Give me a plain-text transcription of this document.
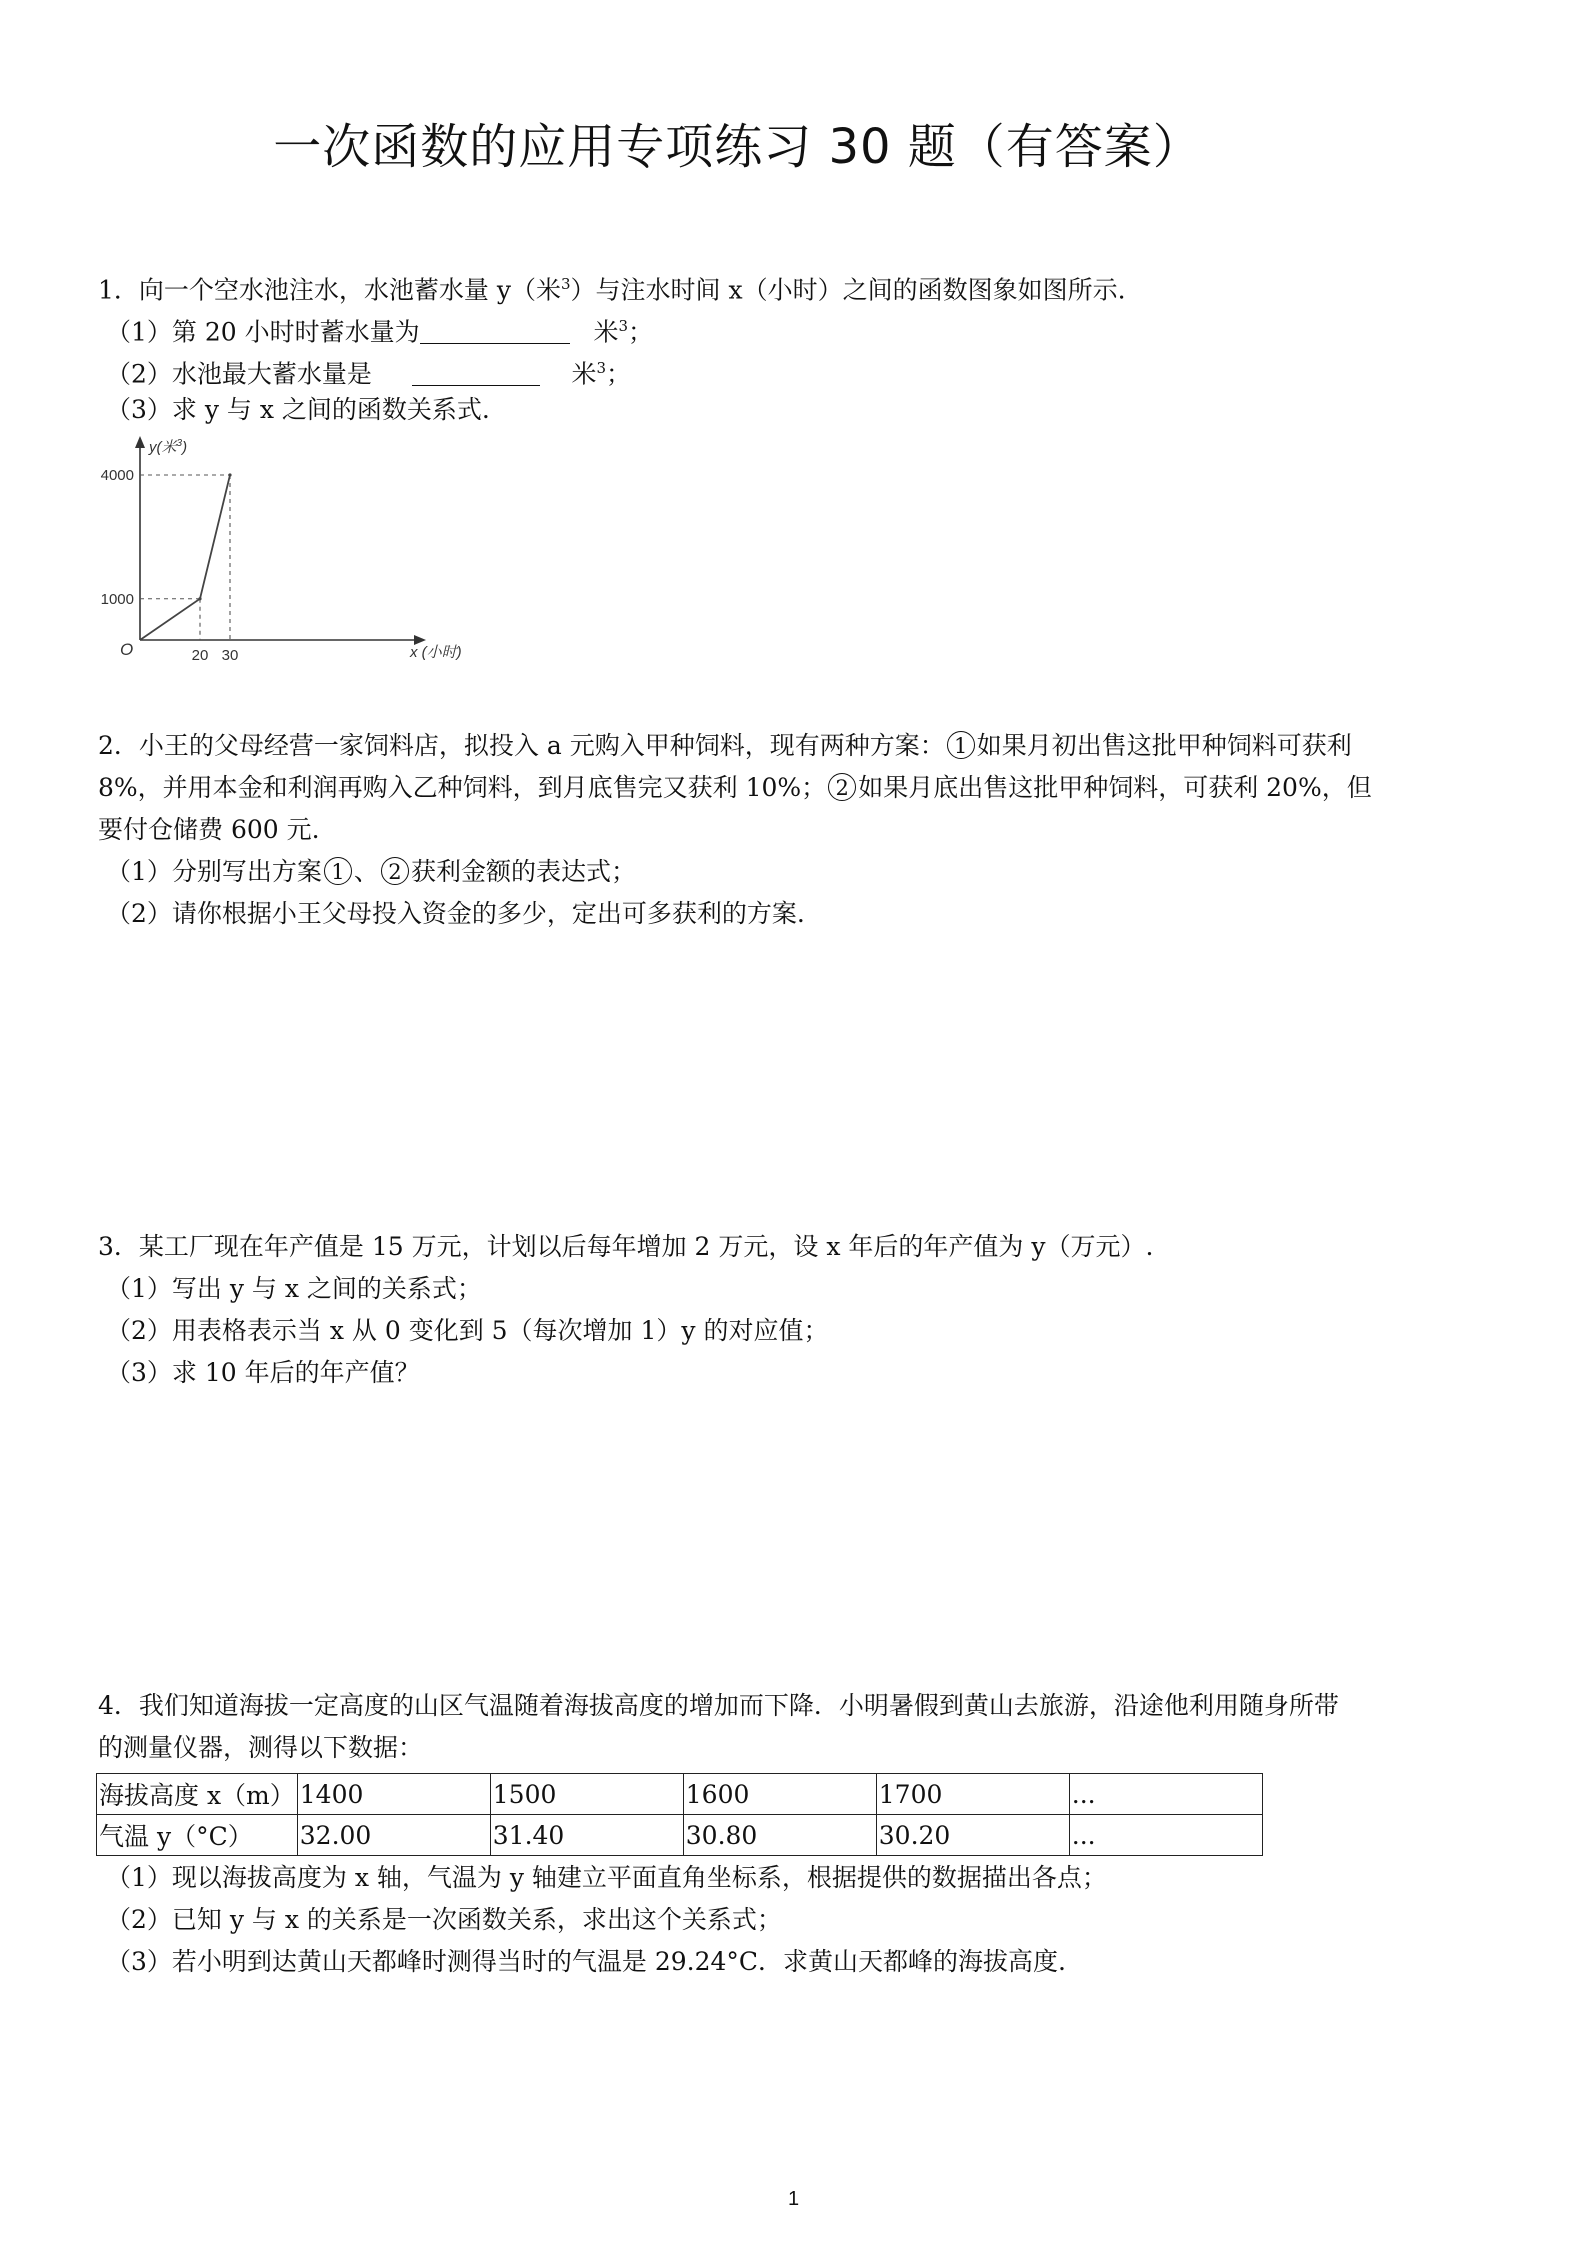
一次函数的应用专项练习 30 题（有答案）
1．向一个空水池注水，水池蓄水量 y（米$^3$）与注水时间 x（小时）之间的函数图象如图所示.
（1）第 20 小时时蓄水量为	米$^3$；
（2）水池最大蓄水量是	米$^3$；
（3）求 y 与 x 之间的函数关系式.
O	20 30
1000
4000
x (小时)
y(米$^3$)
2．小王的父母经营一家饲料店，拟投入 a 元购入甲种饲料，现有两种方案： 1 如果月初出售这批甲种饲料可获利
8%，并用本金和利润再购入乙种饲料，到月底售完又获利 10%； 2 如果月底出售这批甲种饲料，可获利 20%，但
要付仓储费 600 元.
（1）分别写出方案 1 、 2 获利金额的表达式；
（2）请你根据小王父母投入资金的多少，定出可多获利的方案.
3．某工厂现在年产值是 15 万元，计划以后每年增加 2 万元，设 x 年后的年产值为 y（万元）.
（1）写出 y 与 x 之间的关系式；
（2）用表格表示当 x 从 0 变化到 5（每次增加 1）y 的对应值；
（3）求 10 年后的年产值？
4．我们知道海拔一定高度的山区气温随着海拔高度的增加而下降．小明暑假到黄山去旅游，沿途他利用随身所带
的测量仪器，测得以下数据：
海拔高度 x（m）	1400	1500	1600	1700	...
气温 y（°C）	32.00	31.40	30.80	30.20	...
（1）现以海拔高度为 x 轴，气温为 y 轴建立平面直角坐标系，根据提供的数据描出各点；
（2）已知 y 与 x 的关系是一次函数关系，求出这个关系式；
（3）若小明到达黄山天都峰时测得当时的气温是 29.24°C．求黄山天都峰的海拔高度.
1
